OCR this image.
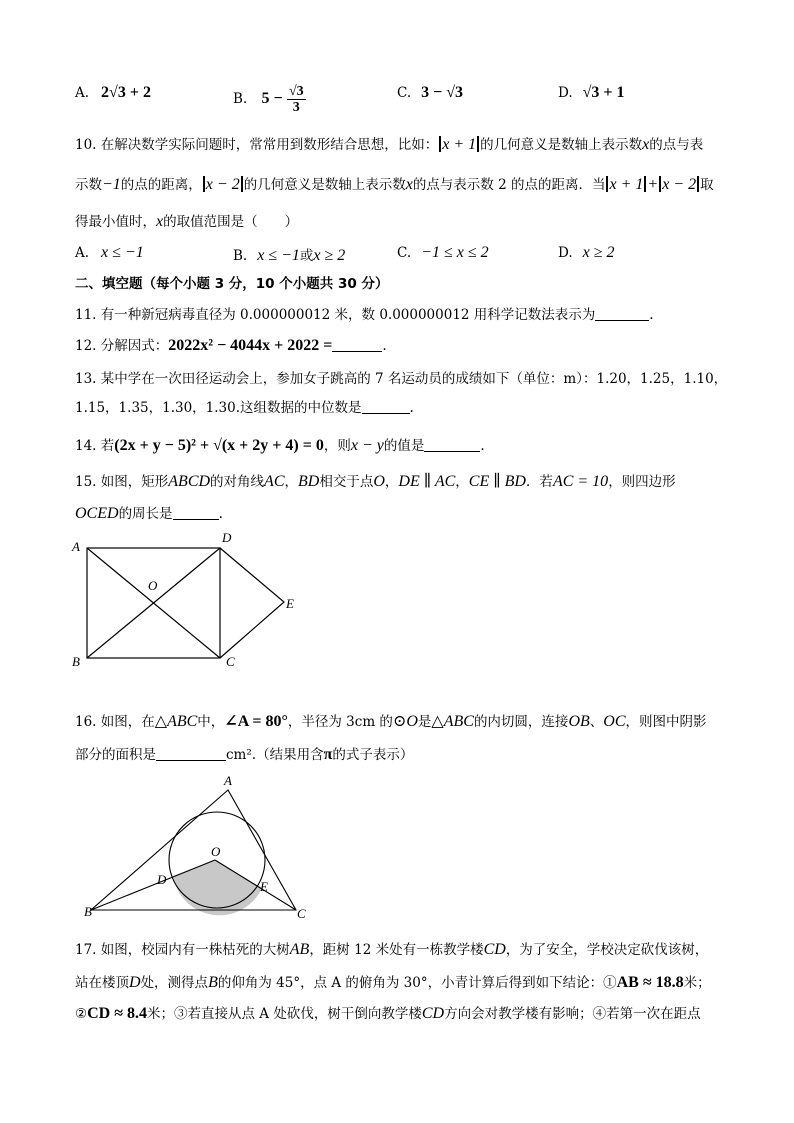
A. 2√3 + 2	B. $5 - \frac{√3}{3}$	C. 3 − √3	D. √3 + 1
10. 在解决数学实际问题时，常常用到数形结合思想，比如： x + 1 的几何意义是数轴上表示数x的点与表
示数−1的点的距离， x − 2 的几何意义是数轴上表示数x的点与表示数 2 的点的距离．当 x + 1 + x − 2 取
得最小值时，x的取值范围是（　　）
A. x ≤ −1	B. x ≤ −1或x ≥ 2	C. −1 ≤ x ≤ 2	D. x ≥ 2
二、填空题（每个小题 3 分，10 个小题共 30 分）
11. 有一种新冠病毒直径为 0.000000012 米，数 0.000000012 用科学记数法表示为	.
12. 分解因式：2022x² − 4044x + 2022 =	.
13. 某中学在一次田径运动会上，参加女子跳高的 7 名运动员的成绩如下（单位：m）：1.20，1.25，1.10，
1.15，1.35，1.30，1.30.这组数据的中位数是	.
14. 若(2x + y − 5)² + √(x + 2y + 4) = 0，则x − y的值是	.
15. 如图，矩形ABCD的对角线AC，BD相交于点O，DE ∥ AC，CE ∥ BD．若AC = 10，则四边形
OCED的周长是	.
A
B	C
D
O
E
16. 如图，在△ABC中，∠A = 80°，半径为 3cm 的⊙O是△ABC的内切圆，连接OB、OC，则图中阴影
部分的面积是	cm².（结果用含π的式子表示）
A
B	C
D
O
E
17. 如图，校园内有一株枯死的大树AB，距树 12 米处有一栋教学楼CD，为了安全，学校决定砍伐该树，
站在楼顶D处，测得点B的仰角为 45°，点 A 的俯角为 30°，小青计算后得到如下结论：①AB ≈ 18.8米；
②CD ≈ 8.4米；③若直接从点 A 处砍伐，树干倒向教学楼CD方向会对教学楼有影响；④若第一次在距点
